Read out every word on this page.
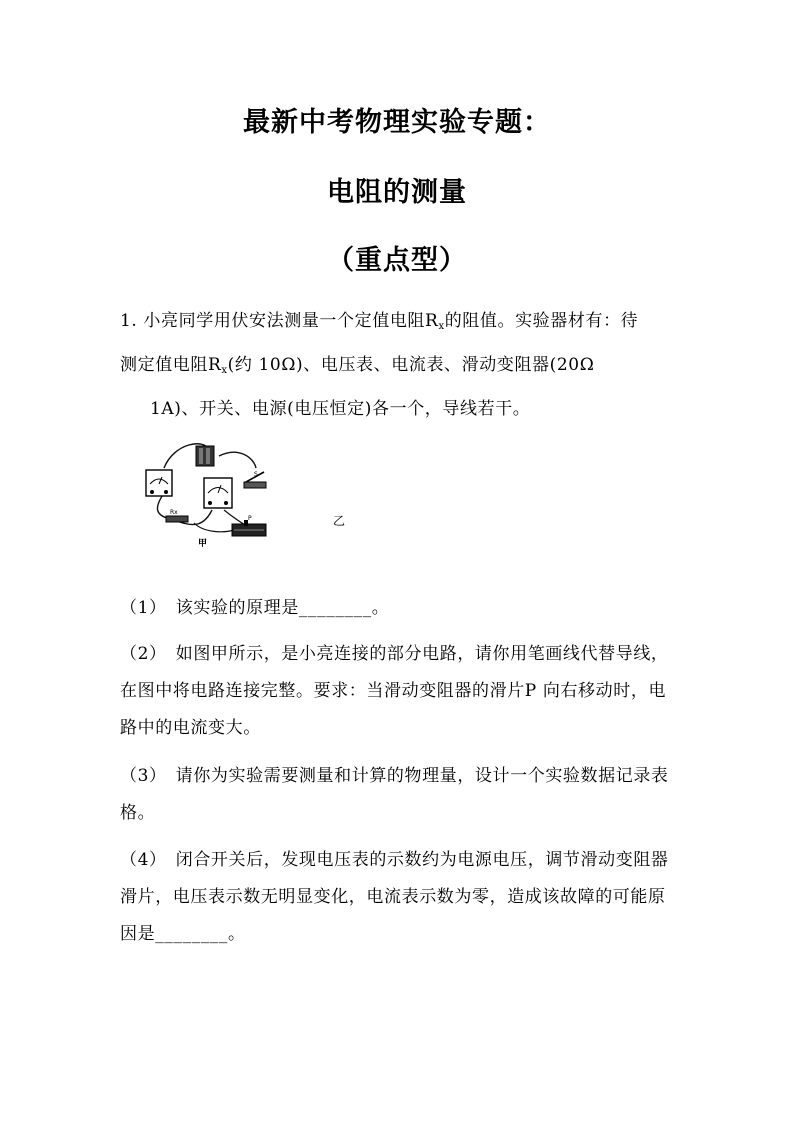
最新中考物理实验专题：
电阻的测量
（重点型）
1. 小亮同学用伏安法测量一个定值电阻$R_x$的阻值。实验器材有：待
测定值电阻$R_x$(约 10Ω)、电压表、电流表、滑动变阻器(20Ω
1A)、开关、电源(电压恒定)各一个，导线若干。
S
Rx
P
甲
乙
（1）　该实验的原理是________。
（2）　如图甲所示，是小亮连接的部分电路，请你用笔画线代替导线，在图中将电路连接完整。要求：当滑动变阻器的滑片P 向右移动时，电路中的电流变大。
（3）　请你为实验需要测量和计算的物理量，设计一个实验数据记录表格。
（4）　闭合开关后，发现电压表的示数约为电源电压，调节滑动变阻器滑片，电压表示数无明显变化，电流表示数为零，造成该故障的可能原因是________。
